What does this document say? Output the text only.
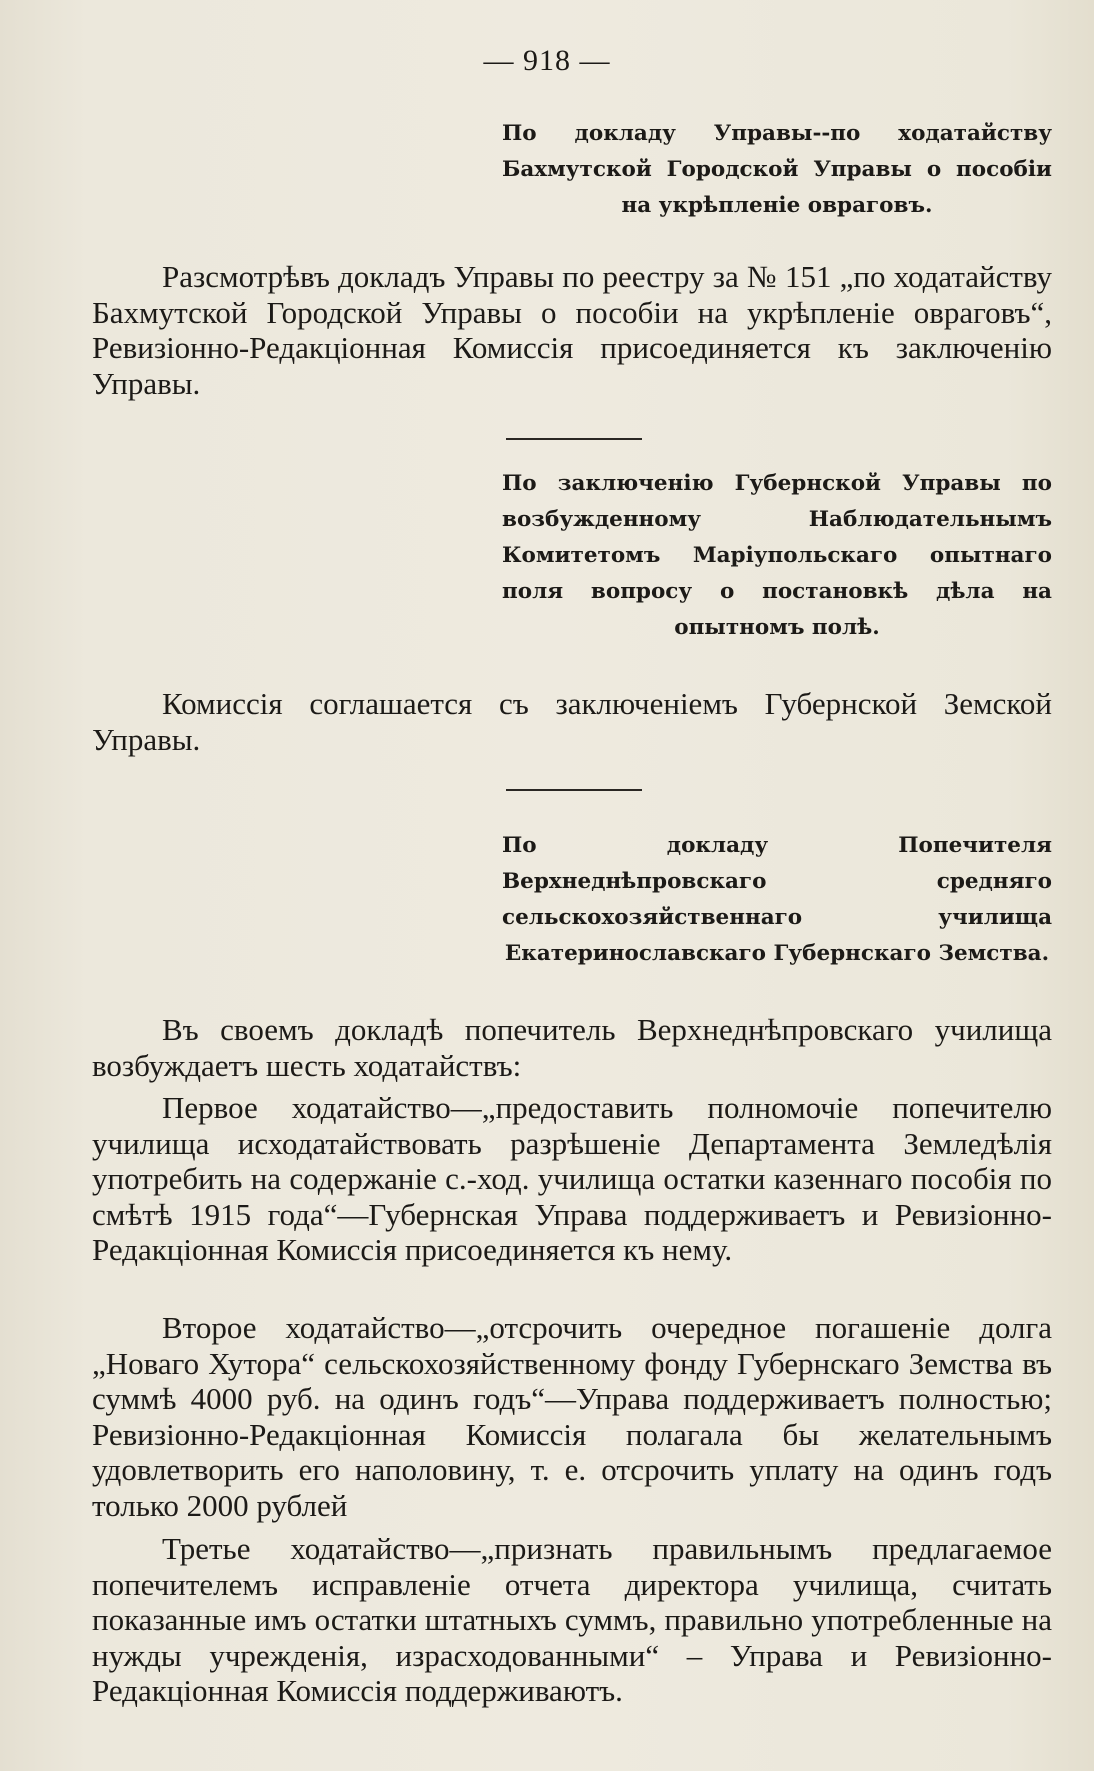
— 918 —
По докладу Управы--по ходатайству Бахмутской Городской Управы о пособіи на укрѣпленіе овраговъ.

Разсмотрѣвъ докладъ Управы по реестру за № 151 „по ходатайству Бахмутской Городской Управы о пособіи на укрѣпленіе овраговъ“, Ревизіонно-Редакціонная Комиссія присоединяется къ заключенію Управы.

По заключенію Губернской Управы по возбужденному Наблюдательнымъ Комитетомъ Маріупольскаго опытнаго поля вопросу о постановкѣ дѣла на опытномъ полѣ.

Комиссія соглашается съ заключеніемъ Губернской Земской Управы.

По докладу Попечителя Верхнеднѣпровскаго средняго сельскохозяйственнаго училища Екатеринославскаго Губернскаго Земства.

Въ своемъ докладѣ попечитель Верхнеднѣпровскаго училища возбуждаетъ шесть ходатайствъ:

Первое ходатайство—„предоставить полномочіе попечителю училища исходатайствовать разрѣшеніе Департамента Земледѣлія употребить на содержаніе с.-ход. училища остатки казеннаго пособія по смѣтѣ 1915 года“—Губернская Управа поддерживаетъ и Ревизіонно-Редакціонная Комиссія присоединяется къ нему.

Второе ходатайство—„отсрочить очередное погашеніе долга „Новаго Хутора“ сельскохозяйственному фонду Губернскаго Земства въ суммѣ 4000 руб. на одинъ годъ“—Управа поддерживаетъ полностью; Ревизіонно-Редакціонная Комиссія полагала бы желательнымъ удовлетворить его наполовину, т. е. отсрочить уплату на одинъ годъ только 2000 рублей

Третье ходатайство—„признать правильнымъ предлагаемое попечителемъ исправленіе отчета директора училища, считать показанные имъ остатки штатныхъ суммъ, правильно употребленные на нужды учрежденія, израсходованными“ – Управа и Ревизіонно-Редакціонная Комиссія поддерживаютъ.
